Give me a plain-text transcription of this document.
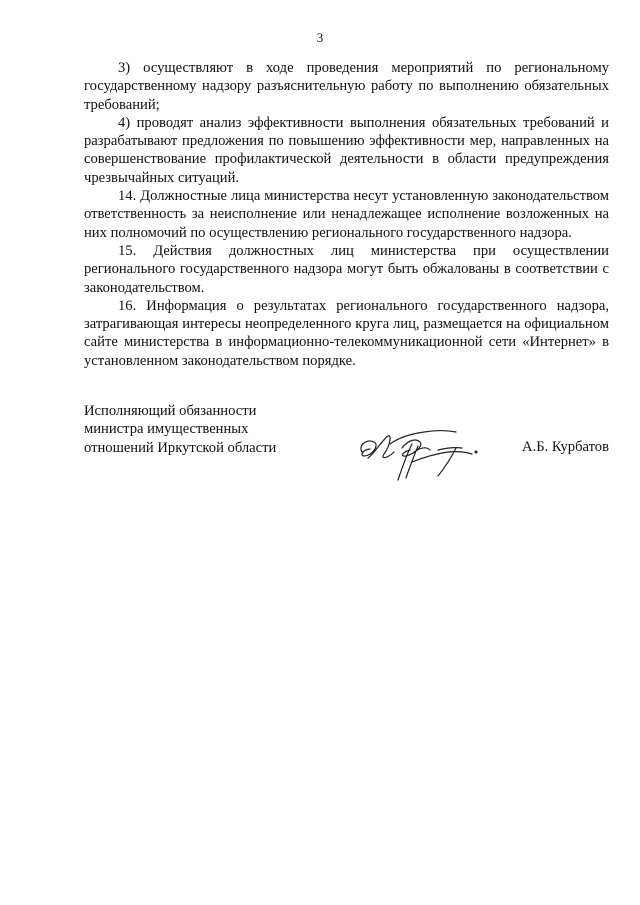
3

3) осуществляют в ходе проведения мероприятий по региональному государственному надзору разъяснительную работу по выполнению обязательных требований;

4) проводят анализ эффективности выполнения обязательных требований и разрабатывают предложения по повышению эффективности мер, направленных на совершенствование профилактической деятельности в области предупреждения чрезвычайных ситуаций.

14. Должностные лица министерства несут установленную законодательством ответственность за неисполнение или ненадлежащее исполнение возложенных на них полномочий по осуществлению регионального государственного надзора.

15. Действия должностных лиц министерства при осуществлении регионального государственного надзора могут быть обжалованы в соответствии с законодательством.

16. Информация о результатах регионального государственного надзора, затрагивающая интересы неопределенного круга лиц, размещается на официальном сайте министерства в информационно-телекоммуникационной сети «Интернет» в установленном законодательством порядке.

Исполняющий обязанности
министра имущественных
отношений Иркутской области	А.Б. Курбатов
